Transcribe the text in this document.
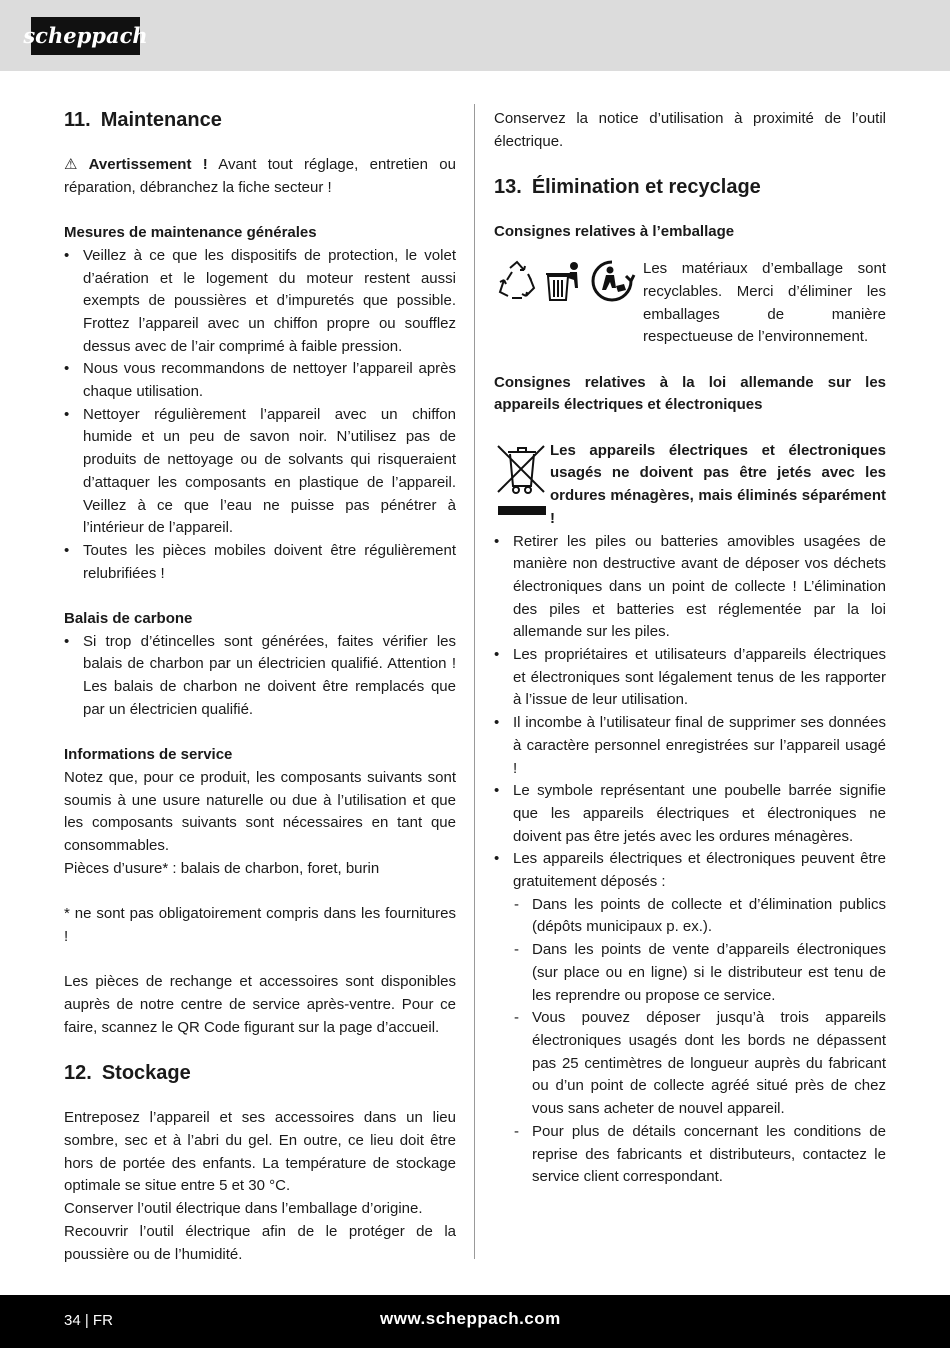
scheppach
11. Maintenance

⚠ Avertissement ! Avant tout réglage, entretien ou réparation, débranchez la fiche secteur !

Mesures de maintenance générales

• Veillez à ce que les dispositifs de protection, le volet d’aération et le logement du moteur restent aussi exempts de poussières et d’impuretés que possible. Frottez l’appareil avec un chiffon propre ou soufflez dessus avec de l’air comprimé à faible pression.
• Nous vous recommandons de nettoyer l’appareil après chaque utilisation.
• Nettoyer régulièrement l’appareil avec un chiffon humide et un peu de savon noir. N’utilisez pas de produits de nettoyage ou de solvants qui risqueraient d’attaquer les composants en plastique de l’appareil. Veillez à ce que l’eau ne puisse pas pénétrer à l’intérieur de l’appareil.
• Toutes les pièces mobiles doivent être régulièrement relubrifiées !

Balais de carbone

• Si trop d’étincelles sont générées, faites vérifier les balais de charbon par un électricien qualifié. Attention ! Les balais de charbon ne doivent être remplacés que par un électricien qualifié.

Informations de service

Notez que, pour ce produit, les composants suivants sont soumis à une usure naturelle ou due à l’utilisation et que les composants suivants sont nécessaires en tant que consommables.

Pièces d’usure* : balais de charbon, foret, burin

* ne sont pas obligatoirement compris dans les fournitures !

Les pièces de rechange et accessoires sont disponibles auprès de notre centre de service après-ventre. Pour ce faire, scannez le QR Code figurant sur la page d’accueil.

12. Stockage

Entreposez l’appareil et ses accessoires dans un lieu sombre, sec et à l’abri du gel. En outre, ce lieu doit être hors de portée des enfants. La température de stockage optimale se situe entre 5 et 30 °C.

Conserver l’outil électrique dans l’emballage d’origine.

Recouvrir l’outil électrique afin de le protéger de la poussière ou de l’humidité.

Conservez la notice d’utilisation à proximité de l’outil électrique.

13. Élimination et recyclage

Consignes relatives à l’emballage

Les matériaux d’emballage sont recyclables. Merci d’éliminer les emballages de manière respectueuse de l’environnement.

Consignes relatives à la loi allemande sur les appareils électriques et électroniques

Les appareils électriques et électroniques usagés ne doivent pas être jetés avec les ordures ménagères, mais éliminés séparément !

• Retirer les piles ou batteries amovibles usagées de manière non destructive avant de déposer vos déchets électroniques dans un point de collecte ! L’élimination des piles et batteries est réglementée par la loi allemande sur les piles.
• Les propriétaires et utilisateurs d’appareils électriques et électroniques sont légalement tenus de les rapporter à l’issue de leur utilisation.
• Il incombe à l’utilisateur final de supprimer ses données à caractère personnel enregistrées sur l’appareil usagé !
• Le symbole représentant une poubelle barrée signifie que les appareils électriques et électroniques ne doivent pas être jetés avec les ordures ménagères.
• Les appareils électriques et électroniques peuvent être gratuitement déposés :
- Dans les points de collecte et d’élimination publics (dépôts municipaux p. ex.).
- Dans les points de vente d’appareils électroniques (sur place ou en ligne) si le distributeur est tenu de les reprendre ou propose ce service.
- Vous pouvez déposer jusqu’à trois appareils électroniques usagés dont les bords ne dépassent pas 25 centimètres de longueur auprès du fabricant ou d’un point de collecte agréé situé près de chez vous sans acheter de nouvel appareil.
- Pour plus de détails concernant les conditions de reprise des fabricants et distributeurs, contactez le service client correspondant.
34 | FR	www.scheppach.com
